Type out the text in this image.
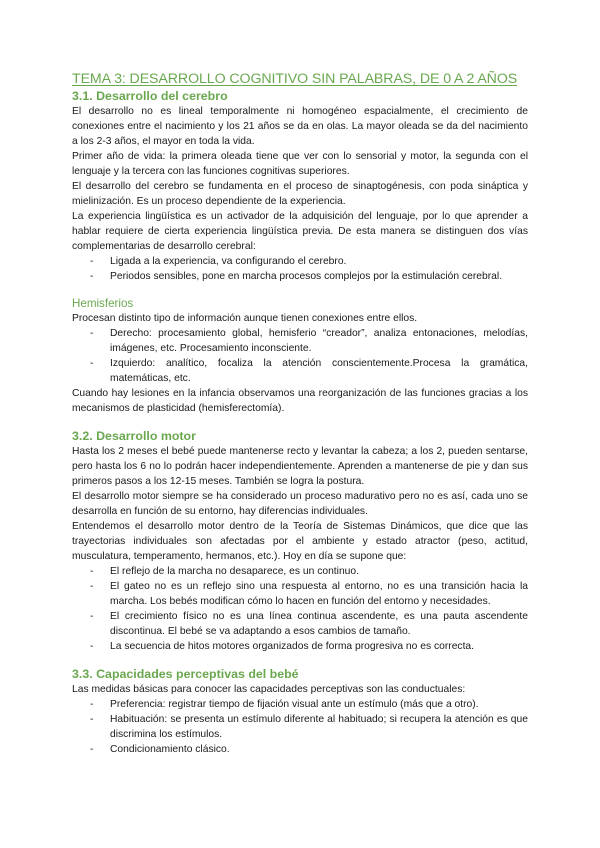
TEMA 3: DESARROLLO COGNITIVO SIN PALABRAS, DE 0 A 2 AÑOS
3.1. Desarrollo del cerebro

El desarrollo no es lineal temporalmente ni homogéneo espacialmente, el crecimiento de conexiones entre el nacimiento y los 21 años se da en olas. La mayor oleada se da del nacimiento a los 2-3 años, el mayor en toda la vida.

Primer año de vida: la primera oleada tiene que ver con lo sensorial y motor, la segunda con el lenguaje y la tercera con las funciones cognitivas superiores.

El desarrollo del cerebro se fundamenta en el proceso de sinaptogénesis, con poda sináptica y mielinización. Es un proceso dependiente de la experiencia.

La experiencia lingüística es un activador de la adquisición del lenguaje, por lo que aprender a hablar requiere de cierta experiencia lingüística previa. De esta manera se distinguen dos vías complementarias de desarrollo cerebral:

- Ligada a la experiencia, va configurando el cerebro.
- Periodos sensibles, pone en marcha procesos complejos por la estimulación cerebral.
Hemisferios

Procesan distinto tipo de información aunque tienen conexiones entre ellos.

- Derecho: procesamiento global, hemisferio “creador”, analiza entonaciones, melodías, imágenes, etc. Procesamiento inconsciente.
- Izquierdo: analítico, focaliza la atención conscientemente.Procesa la gramática, matemáticas, etc.

Cuando hay lesiones en la infancia observamos una reorganización de las funciones gracias a los mecanismos de plasticidad (hemisferectomía).

3.2. Desarrollo motor

Hasta los 2 meses el bebé puede mantenerse recto y levantar la cabeza; a los 2, pueden sentarse, pero hasta los 6 no lo podrán hacer independientemente. Aprenden a mantenerse de pie y dan sus primeros pasos a los 12-15 meses. También se logra la postura.

El desarrollo motor siempre se ha considerado un proceso madurativo pero no es así, cada uno se desarrolla en función de su entorno, hay diferencias individuales.

Entendemos el desarrollo motor dentro de la Teoría de Sistemas Dinámicos, que dice que las trayectorias individuales son afectadas por el ambiente y estado atractor (peso, actitud, musculatura, temperamento, hermanos, etc.). Hoy en día se supone que:

- El reflejo de la marcha no desaparece, es un continuo.
- El gateo no es un reflejo sino una respuesta al entorno, no es una transición hacia la marcha. Los bebés modifican cómo lo hacen en función del entorno y necesidades.
- El crecimiento físico no es una línea continua ascendente, es una pauta ascendente discontinua. El bebé se va adaptando a esos cambios de tamaño.
- La secuencia de hitos motores organizados de forma progresiva no es correcta.
3.3. Capacidades perceptivas del bebé

Las medidas básicas para conocer las capacidades perceptivas son las conductuales:

- Preferencia: registrar tiempo de fijación visual ante un estímulo (más que a otro).
- Habituación: se presenta un estímulo diferente al habituado; si recupera la atención es que discrimina los estímulos.
- Condicionamiento clásico.
